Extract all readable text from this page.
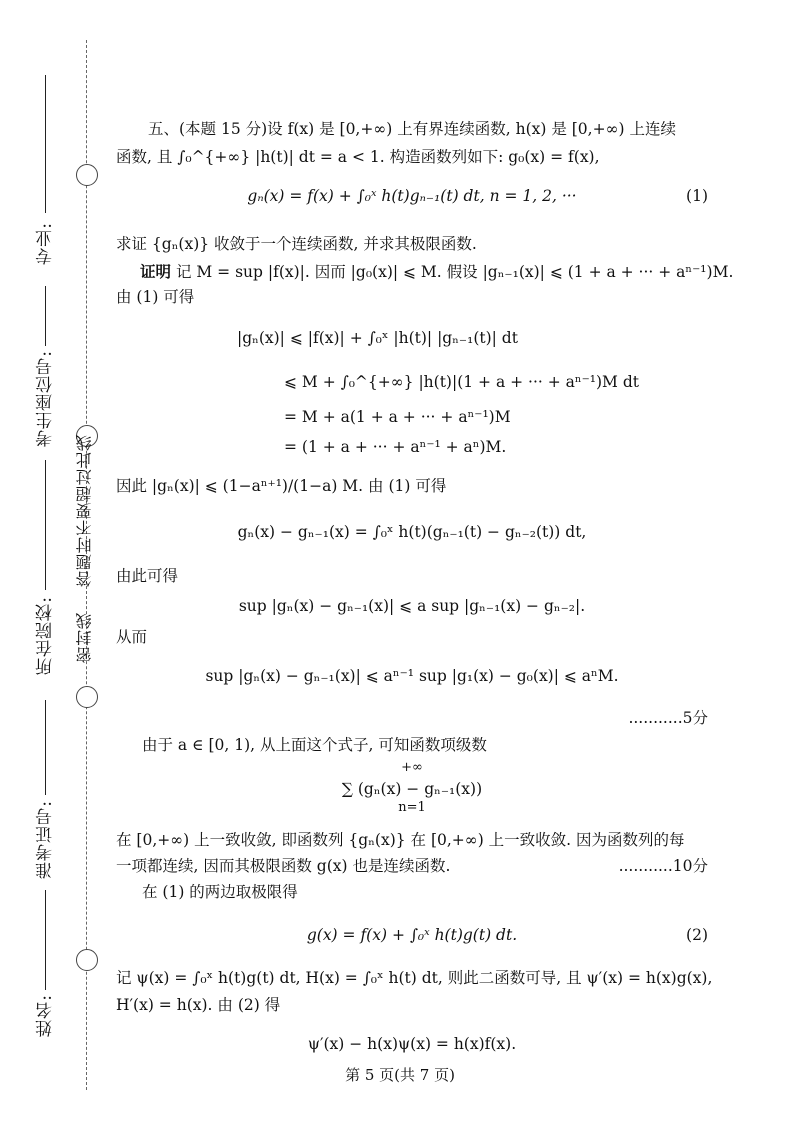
专业:
考生座位号:
所在院校:
准考证号:
姓名:
答题时不要超过此线
密封线
五、(本题 15 分)设 f(x) 是 [0,+∞) 上有界连续函数, h(x) 是 [0,+∞) 上连续
函数, 且 ∫₀^{+∞} |h(t)| dt = a < 1. 构造函数列如下: g₀(x) = f(x),
gₙ(x) = f(x) + ∫₀ˣ h(t)gₙ₋₁(t) dt, n = 1, 2, ···	(1)
求证 {gₙ(x)} 收敛于一个连续函数, 并求其极限函数.
证明 记 M = sup |f(x)|. 因而 |g₀(x)| ⩽ M. 假设 |gₙ₋₁(x)| ⩽ (1 + a + ··· + aⁿ⁻¹)M.
由 (1) 可得
|gₙ(x)| ⩽ |f(x)| + ∫₀ˣ |h(t)| |gₙ₋₁(t)| dt
⩽ M + ∫₀^{+∞} |h(t)|(1 + a + ··· + aⁿ⁻¹)M dt
= M + a(1 + a + ··· + aⁿ⁻¹)M
= (1 + a + ··· + aⁿ⁻¹ + aⁿ)M.
因此 |gₙ(x)| ⩽ (1−aⁿ⁺¹)/(1−a) M. 由 (1) 可得
gₙ(x) − gₙ₋₁(x) = ∫₀ˣ h(t)(gₙ₋₁(t) − gₙ₋₂(t)) dt,
由此可得
sup |gₙ(x) − gₙ₋₁(x)| ⩽ a sup |gₙ₋₁(x) − gₙ₋₂|.
从而
sup |gₙ(x) − gₙ₋₁(x)| ⩽ aⁿ⁻¹ sup |g₁(x) − g₀(x)| ⩽ aⁿM.
...........5分
由于 a ∈ [0, 1), 从上面这个式子, 可知函数项级数
+∞
∑ (gₙ(x) − gₙ₋₁(x))
n=1
在 [0,+∞) 上一致收敛, 即函数列 {gₙ(x)} 在 [0,+∞) 上一致收敛. 因为函数列的每
一项都连续, 因而其极限函数 g(x) 也是连续函数.	...........10分
在 (1) 的两边取极限得
g(x) = f(x) + ∫₀ˣ h(t)g(t) dt.	(2)
记 ψ(x) = ∫₀ˣ h(t)g(t) dt, H(x) = ∫₀ˣ h(t) dt, 则此二函数可导, 且 ψ′(x) = h(x)g(x),
H′(x) = h(x). 由 (2) 得
ψ′(x) − h(x)ψ(x) = h(x)f(x).
第 5 页(共 7 页)
